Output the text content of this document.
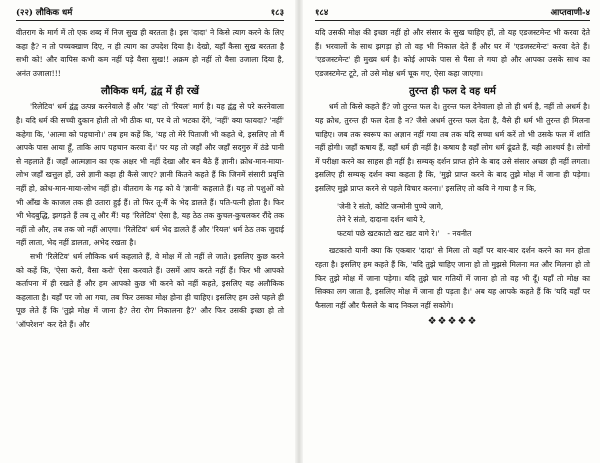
(२२) लौकिक धर्म	१८३

वीतराग के मार्ग में तो एक शब्द में निज सुख ही बरतता है। इस 'दादा' ने किसे त्याग करने के लिए कहा है? न तो पच्चक्खाण दिए, न ही त्याग का उपदेश दिया है। देखो, यहाँ कैसा सुख बरतता है सभी को! और वापिस कभी कम नहीं पड़े वैसा सुख!! अक्रम हो नहीं तो वैसा उजाला दिया है, अनंत उजाला!!!

लौकिक धर्म, द्वंद्व में ही रखें

'रिलेटिव' धर्म द्वंद्व उत्पन्न करनेवाले हैं और 'यह' तो 'रियल' मार्ग है। यह द्वंद्व से परे करनेवाला है। यदि धर्म की सच्ची दुकान होती तो भी ठीक था, पर ये तो भटका देंगे, 'नहीं' क्या फायदा? 'नहीं' कहेगा कि, 'आत्मा को पहचानो।' तब हम कहें कि, 'यह तो मेरे पिताजी भी कहते थे, इसलिए तो मैं आपके पास आया हूँ, ताकि आप पहचान करवा दें।' पर यह तो जहाँ और जहाँ सदगुरु में ठंडे पानी से नहलाते हैं। जहाँ आत्मज्ञान का एक अक्षर भी नहीं देखा और बन बैठे हैं ज्ञानी। क्रोध-मान-माया-लोभ जहाँ खत्तुल हों, उसे ज्ञानी कहा ही कैसे जाए? ज्ञानी कितने कहते हैं कि जिनमें संसारी प्रवृत्ति नहीं हो, क्रोध-मान-माया-लोभ नहीं हो। वीतराग के गढ़ को वे 'ज्ञानी' कहलाते हैं। यह तो पशुओं को भी आँख के काजल तक ही उतारा हुई हैं। तो फिर तू-मैं के भेद डालते हैं। पति-पत्नी होता है। फिर भी भेदबुद्धि, झगड़ते हैं तब तू और मैं! यह 'रिलेटिव' ऐसा है, यह ठेठ तक कुचल-कुचलकर रौंदे तक नहीं तो और, तब तक जो नहीं आएगा। 'रिलेटिव' धर्म भेद डालते हैं और 'रियल' धर्म ठेठ तक जुदाई नहीं लाता, भेद नहीं डालता, अभेद रखता है।

सभी 'रिलेटिव' धर्म लौकिक धर्म कहलाते हैं, वे मोक्ष में तो नहीं ले जाते। इसलिए कुछ करने को कहें कि, 'ऐसा करो, वैसा करो' ऐसा करवाते हैं। उसमें आप करते नहीं हैं। फिर भी आपको कर्तापना में ही रखते हैं और हम आपको कुछ भी करने को नहीं कहते, इसलिए यह अलौकिक कहलाता है। यहाँ पर जो आ गया, तब फिर उसका मोक्ष होना ही चाहिए। इसलिए हम उसे पहले ही पूछ लेते हैं कि 'तुझे मोक्ष में जाना है? तेरा रोग निकालना है?' और फिर उसकी इच्छा हो तो 'ऑपरेशन' कर देते हैं। और

१८४	आप्तवाणी-४

यदि उसकी मोक्ष की इच्छा नहीं हो और संसार के सुख चाहिए हों, तो यह एडजस्टमेन्ट भी करवा देते हैं। भरवालों के साथ झगड़ा हो तो वह भी निकाल देते हैं और घर में 'एडजस्टमेन्ट' करवा देते हैं। 'एडजस्टमेन्ट' ही मुख्य धर्म है। कोई आपके पास से पैसा ले गया हो और आपका उसके साथ का एडजस्टमेन्ट टूटे, तो उसे मोक्ष धर्म चूक गए, ऐसा कहा जाएगा।

तुरन्त ही फल दे वह धर्म

धर्म तो किसे कहते हैं? जो तुरन्त फल दे। तुरन्त फल देनेवाला हो तो ही धर्म है, नहीं तो अधर्म है। यह क्रोध, तुरन्त ही फल देता है न? जैसे अधर्म तुरन्त फल देता है, वैसे ही धर्म भी तुरन्त ही मिलना चाहिए। जब तक स्वरूप का अज्ञान नहीं गया तब तक यदि सच्चा धर्म करें तो भी उसके फल में शांति नहीं होगी। जहाँ कषाय हैं, वहाँ धर्म ही नहीं है। कषाय है वहाँ लोग धर्म ढूंढते हैं, यही आश्चर्य है। लोगों में परीक्षा करने का साहस ही नहीं है। सम्यक् दर्शन प्राप्त होने के बाद उसे संसार अच्छा ही नहीं लगता। इसलिए ही सम्यक् दर्शन क्या कहता है कि, 'मुझे प्राप्त करने के बाद तुझे मोक्ष में जाना ही पड़ेगा। इसलिए मुझे प्राप्त करने से पहले विचार करना।' इसलिए तो कवि ने गाया है न कि,

'जेनी रे संतो, कोटि जन्मोनी पुण्ये जागे,
तेने रे संतो, दादाना दर्शन थाये रे,
फटयां पछे खटकाटो खट खट वागे रे।' - नवनीत

खटकारो यानी क्या कि एकबार 'दादा' से मिला तो वहाँ पर बार-बार दर्शन करने का मन होता रहता है। इसलिए हम कहते हैं कि, 'यदि तुझे चाहिए जाना हो तो मुझसे मिलना मत और मिलना हो तो फिर तुझे मोक्ष में जाना पड़ेगा। यदि तुझे चार गतियों में जाना हो तो वह भी दूँ। यहाँ तो मोक्ष का सिक्का लग जाता है, इसलिए मोक्ष में जाना ही पड़ता है।' अब यह आपके कहते हैं कि 'यदि यहाँ पर फैसला नहीं और फैसले के बाद निकल नहीं सकोगे।

❖❖❖❖❖
